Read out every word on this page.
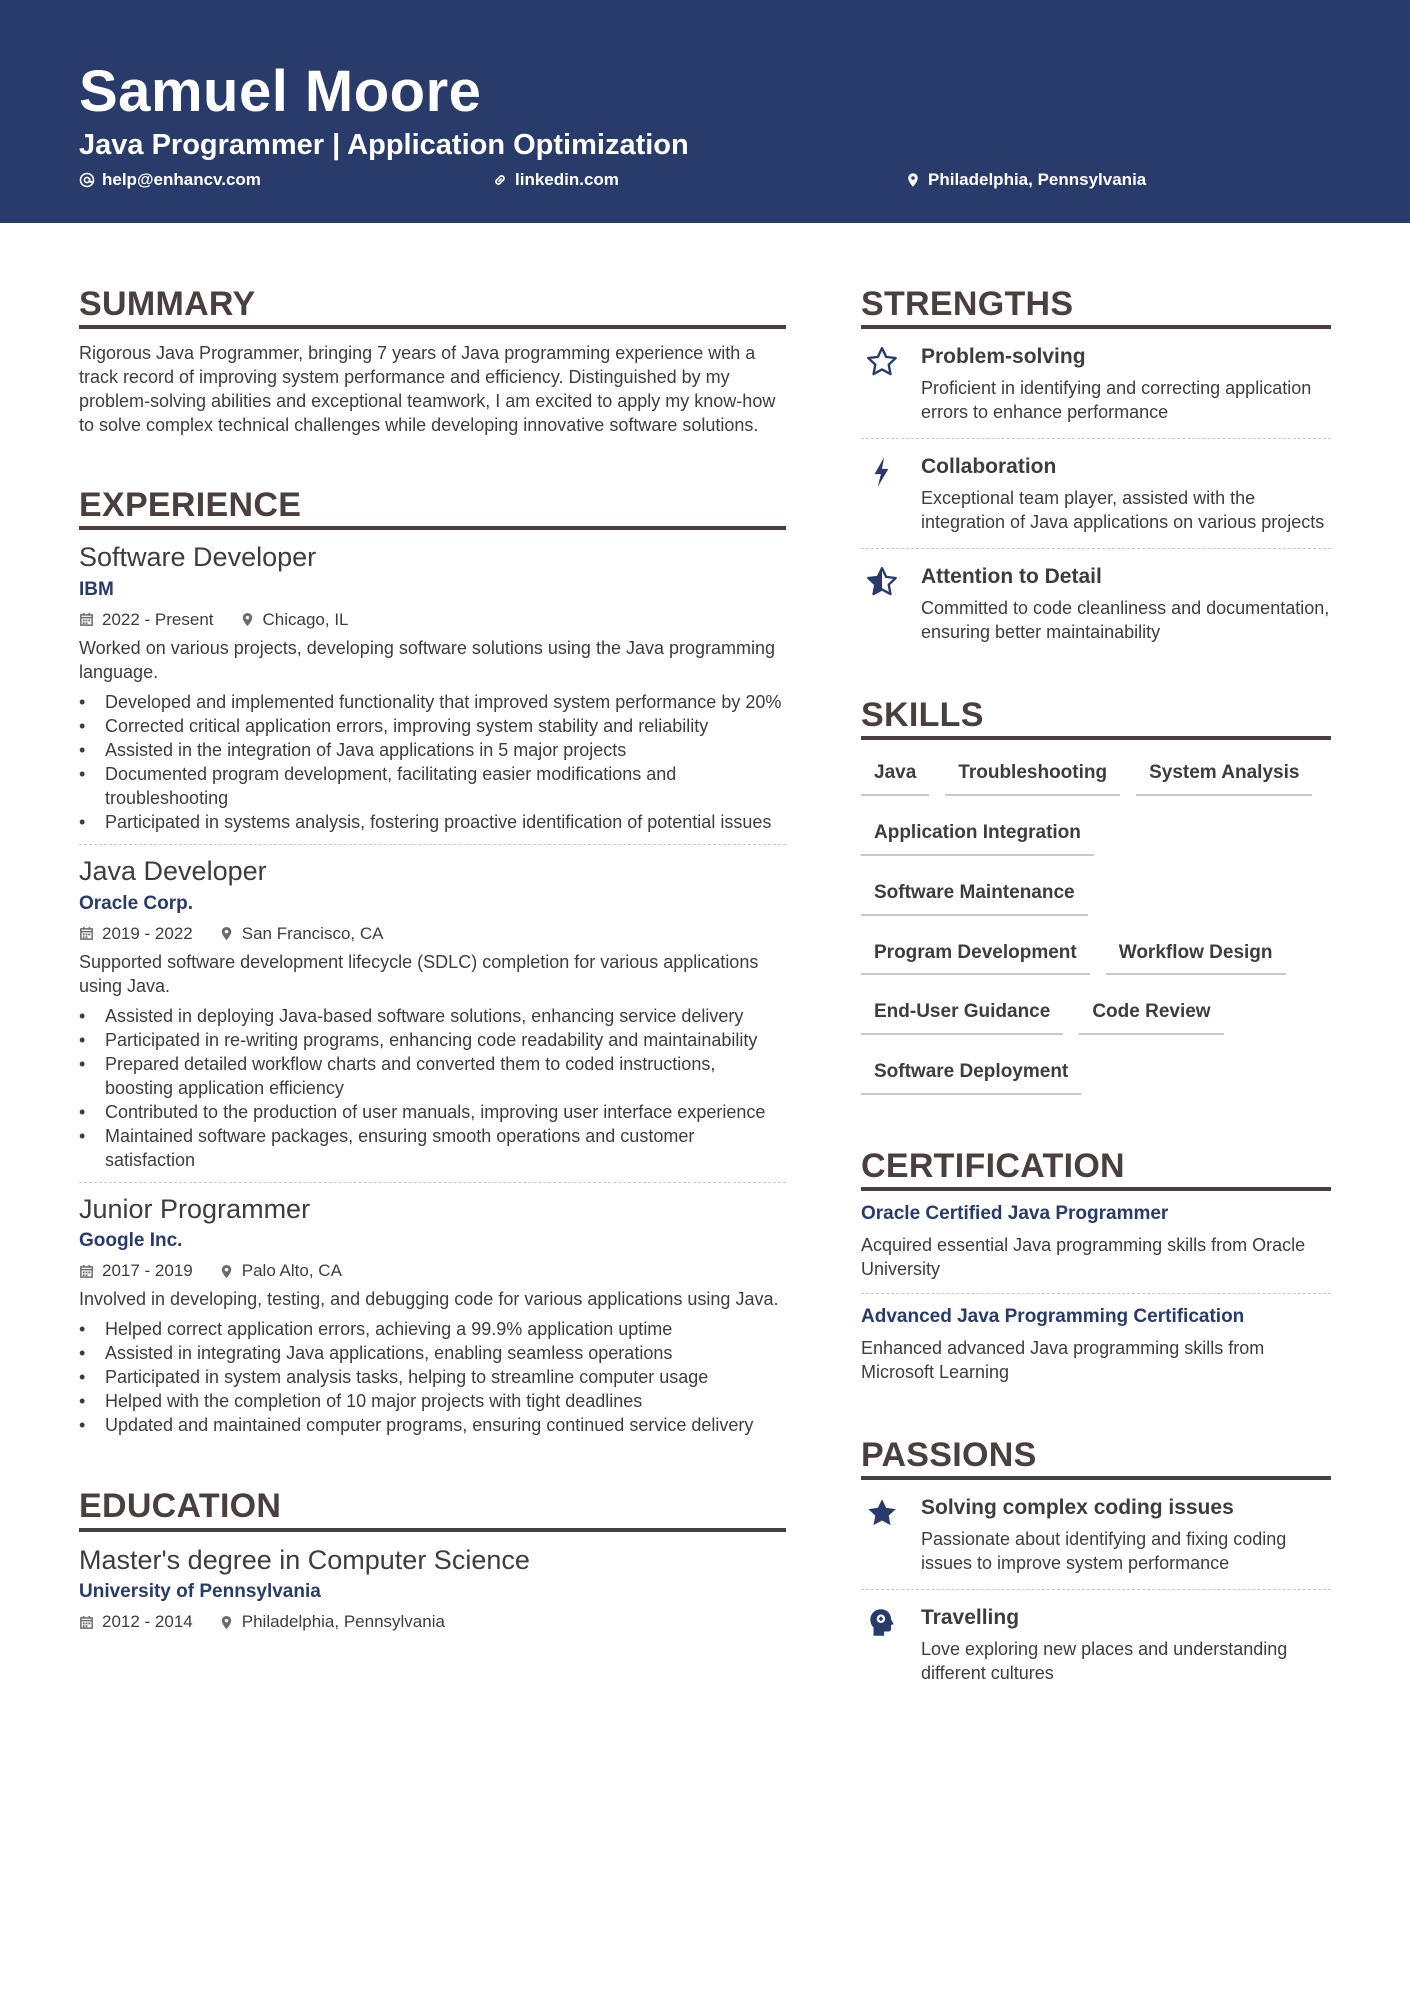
Samuel Moore
Java Programmer | Application Optimization
help@enhancv.com	linkedin.com	Philadelphia, Pennsylvania
SUMMARY
Rigorous Java Programmer, bringing 7 years of Java programming experience with a track record of improving system performance and efficiency. Distinguished by my problem-solving abilities and exceptional teamwork, I am excited to apply my know-how to solve complex technical challenges while developing innovative software solutions.
EXPERIENCE
Software Developer
IBM
2022 - Present	Chicago, IL
Worked on various projects, developing software solutions using the Java programming language.
• Developed and implemented functionality that improved system performance by 20%
• Corrected critical application errors, improving system stability and reliability
• Assisted in the integration of Java applications in 5 major projects
• Documented program development, facilitating easier modifications and troubleshooting
• Participated in systems analysis, fostering proactive identification of potential issues
Java Developer
Oracle Corp.
2019 - 2022	San Francisco, CA
Supported software development lifecycle (SDLC) completion for various applications using Java.
• Assisted in deploying Java-based software solutions, enhancing service delivery
• Participated in re-writing programs, enhancing code readability and maintainability
• Prepared detailed workflow charts and converted them to coded instructions, boosting application efficiency
• Contributed to the production of user manuals, improving user interface experience
• Maintained software packages, ensuring smooth operations and customer satisfaction
Junior Programmer
Google Inc.
2017 - 2019	Palo Alto, CA
Involved in developing, testing, and debugging code for various applications using Java.
• Helped correct application errors, achieving a 99.9% application uptime
• Assisted in integrating Java applications, enabling seamless operations
• Participated in system analysis tasks, helping to streamline computer usage
• Helped with the completion of 10 major projects with tight deadlines
• Updated and maintained computer programs, ensuring continued service delivery
EDUCATION
Master's degree in Computer Science
University of Pennsylvania
2012 - 2014	Philadelphia, Pennsylvania
STRENGTHS
Problem-solving
Proficient in identifying and correcting application errors to enhance performance
Collaboration
Exceptional team player, assisted with the integration of Java applications on various projects
Attention to Detail
Committed to code cleanliness and documentation, ensuring better maintainability
SKILLS
Java	Troubleshooting	System Analysis
Application Integration
Software Maintenance
Program Development	Workflow Design
End-User Guidance	Code Review
Software Deployment
CERTIFICATION
Oracle Certified Java Programmer
Acquired essential Java programming skills from Oracle University
Advanced Java Programming Certification
Enhanced advanced Java programming skills from Microsoft Learning
PASSIONS
Solving complex coding issues
Passionate about identifying and fixing coding issues to improve system performance
Travelling
Love exploring new places and understanding different cultures
